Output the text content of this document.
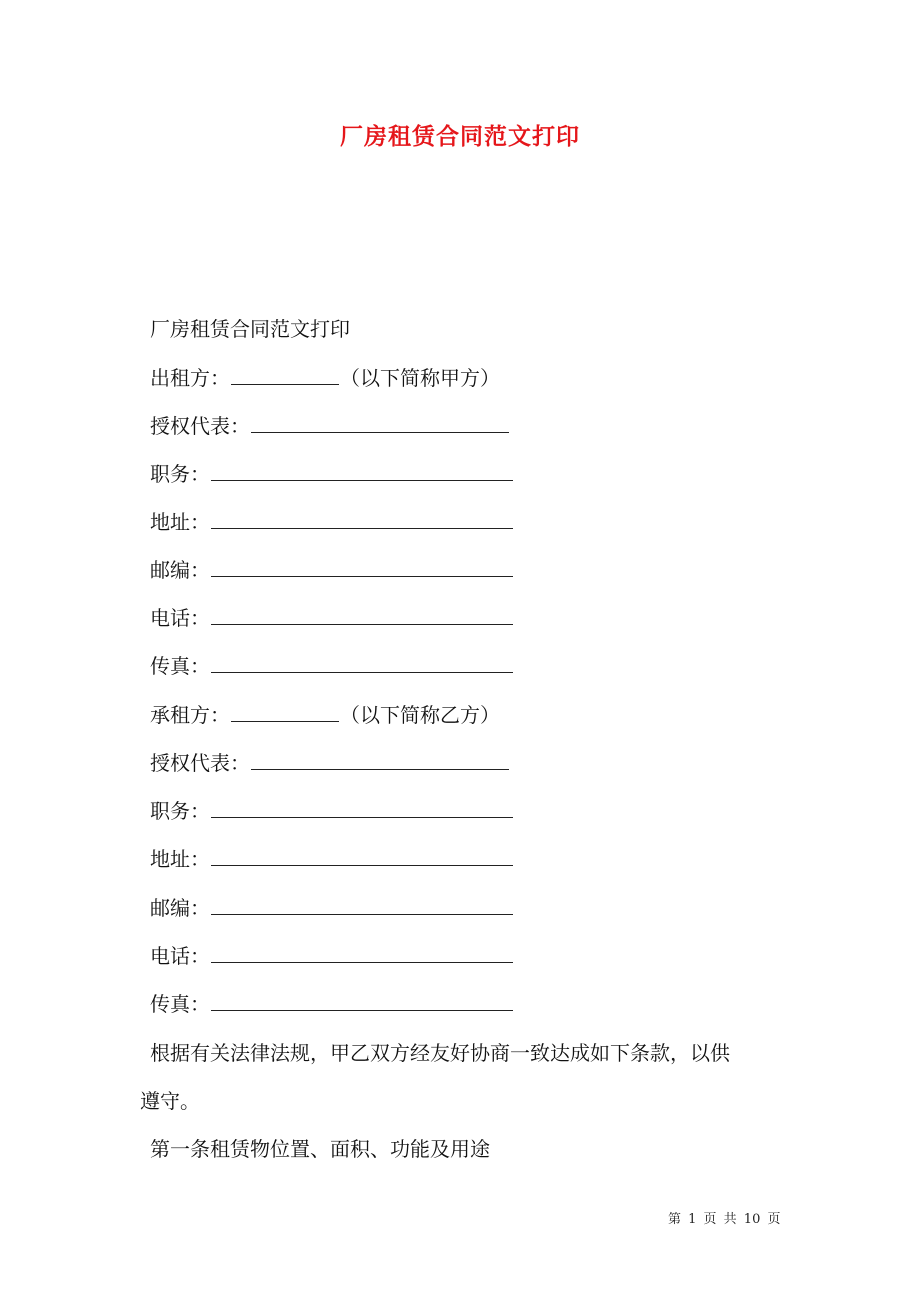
厂房租赁合同范文打印
厂房租赁合同范文打印
出租方：	（以下简称甲方）
授权代表：
职务：
地址：
邮编：
电话：
传真：
承租方：	（以下简称乙方）
授权代表：
职务：
地址：
邮编：
电话：
传真：
根据有关法律法规，甲乙双方经友好协商一致达成如下条款，以供
遵守。
第一条租赁物位置、面积、功能及用途
第 1 页 共 10 页
